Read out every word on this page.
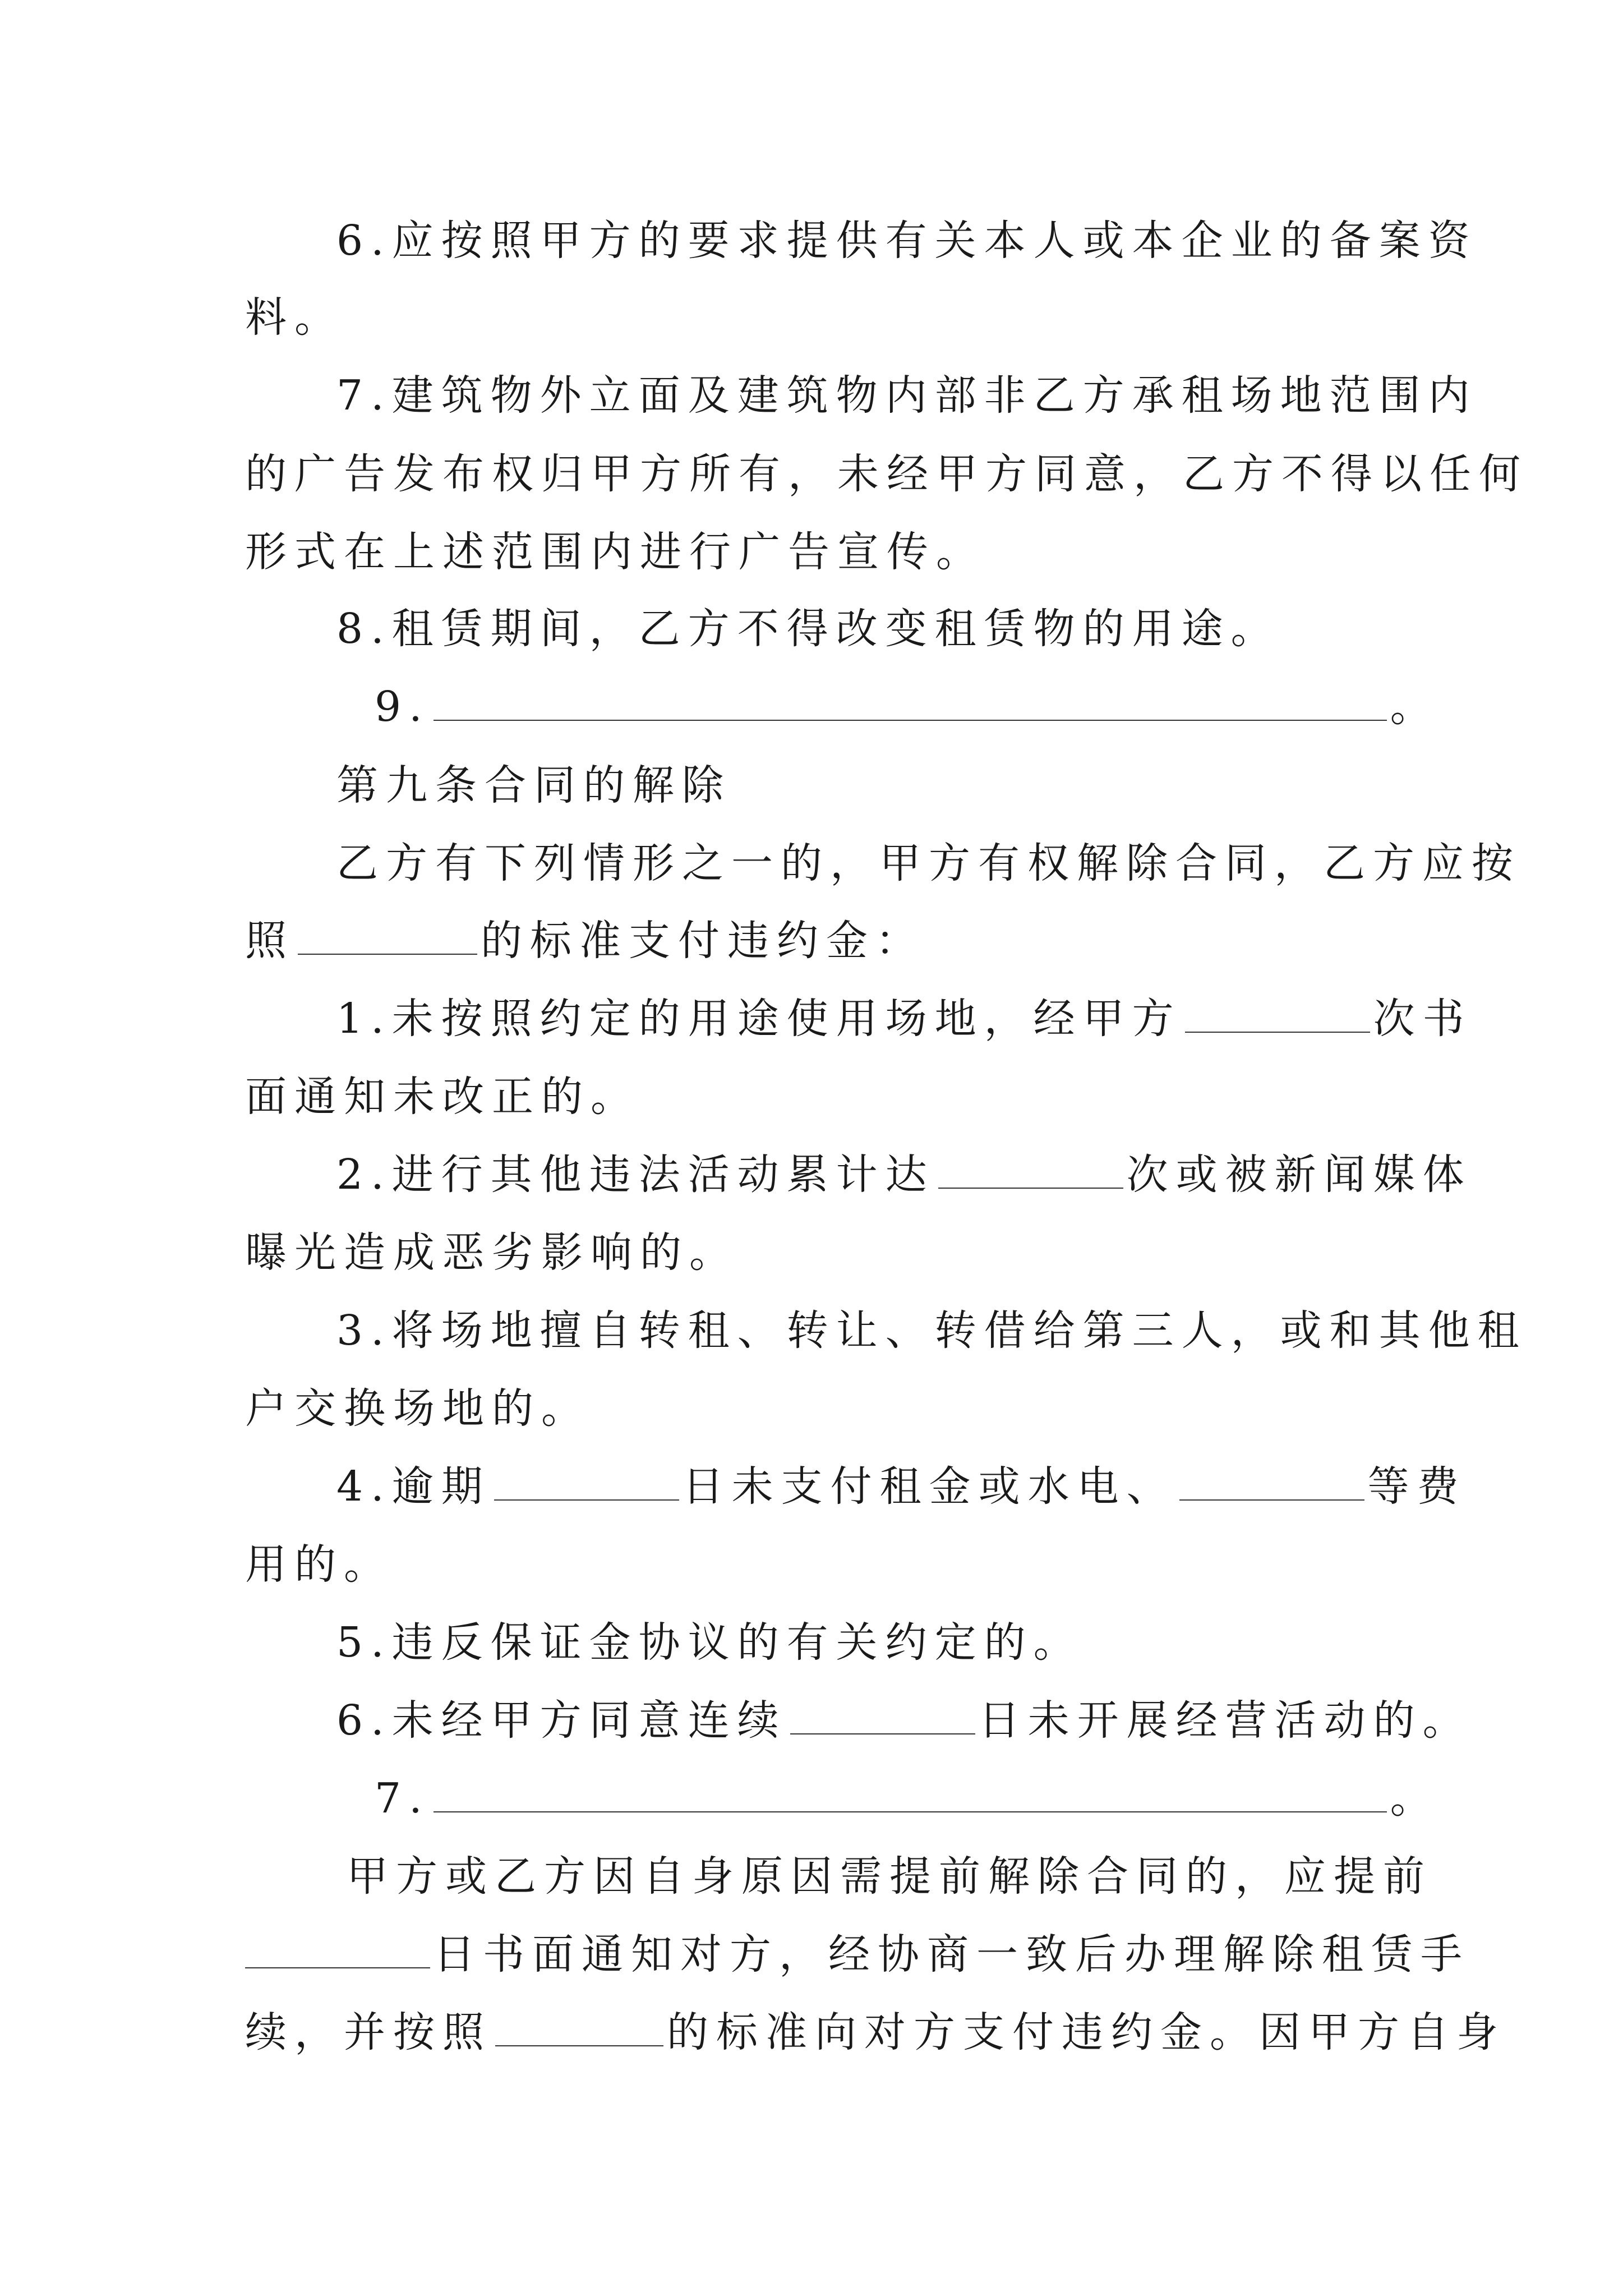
6.应按照甲方的要求提供有关本人或本企业的备案资
料。
7.建筑物外立面及建筑物内部非乙方承租场地范围内
的广告发布权归甲方所有，未经甲方同意，乙方不得以任何
形式在上述范围内进行广告宣传。
8.租赁期间，乙方不得改变租赁物的用途。
9.	。
第九条合同的解除
乙方有下列情形之一的，甲方有权解除合同，乙方应按
照	的标准支付违约金：
1.未按照约定的用途使用场地，经甲方	次书
面通知未改正的。
2.进行其他违法活动累计达	次或被新闻媒体
曝光造成恶劣影响的。
3.将场地擅自转租、转让、转借给第三人，或和其他租
户交换场地的。
4.逾期	日未支付租金或水电、	等费
用的。
5.违反保证金协议的有关约定的。
6.未经甲方同意连续	日未开展经营活动的。
7.	。
甲方或乙方因自身原因需提前解除合同的，应提前
日书面通知对方，经协商一致后办理解除租赁手
续，并按照	的标准向对方支付违约金。因甲方自身
